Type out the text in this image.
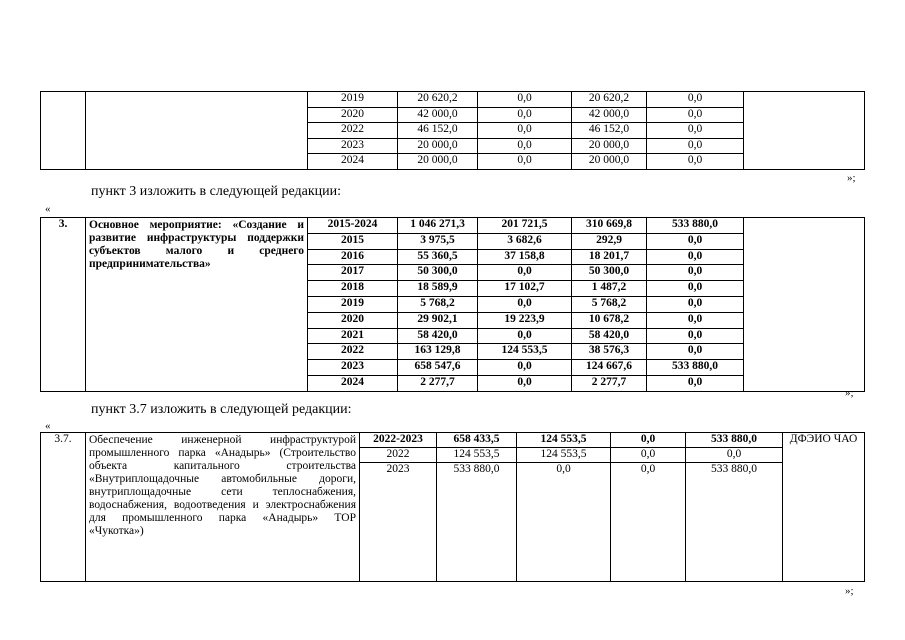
		2019	20 620,2	0,0	20 620,2	0,0	
		2020	42 000,0	0,0	42 000,0	0,0	
		2022	46 152,0	0,0	46 152,0	0,0	
		2023	20 000,0	0,0	20 000,0	0,0	
		2024	20 000,0	0,0	20 000,0	0,0	
»;
пункт 3 изложить в следующей редакции:
«
3.	Основное мероприятие: «Создание и развитие инфраструктуры поддержки субъектов малого и среднего предпринимательства»	2015-2024	1 046 271,3	201 721,5	310 669,8	533 880,0	
		2015	3 975,5	3 682,6	292,9	0,0	
		2016	55 360,5	37 158,8	18 201,7	0,0	
		2017	50 300,0	0,0	50 300,0	0,0	
		2018	18 589,9	17 102,7	1 487,2	0,0	
		2019	5 768,2	0,0	5 768,2	0,0	
		2020	29 902,1	19 223,9	10 678,2	0,0	
		2021	58 420,0	0,0	58 420,0	0,0	
		2022	163 129,8	124 553,5	38 576,3	0,0	
		2023	658 547,6	0,0	124 667,6	533 880,0	
		2024	2 277,7	0,0	2 277,7	0,0	
»;
пункт 3.7 изложить в следующей редакции:
«
3.7.	Обеспечение инженерной инфраструктурой промышленного парка «Анадырь» (Строительство объекта капитального строительства «Внутриплощадочные автомобильные дороги, внутриплощадочные сети теплоснабжения, водоснабжения, водоотведения и электроснабжения для промышленного парка «Анадырь» ТОР «Чукотка»)	2022-2023	658 433,5	124 553,5	0,0	533 880,0	ДФЭИО ЧАО
		2022	124 553,5	124 553,5	0,0	0,0	
		2023	533 880,0	0,0	0,0	533 880,0	
»;
